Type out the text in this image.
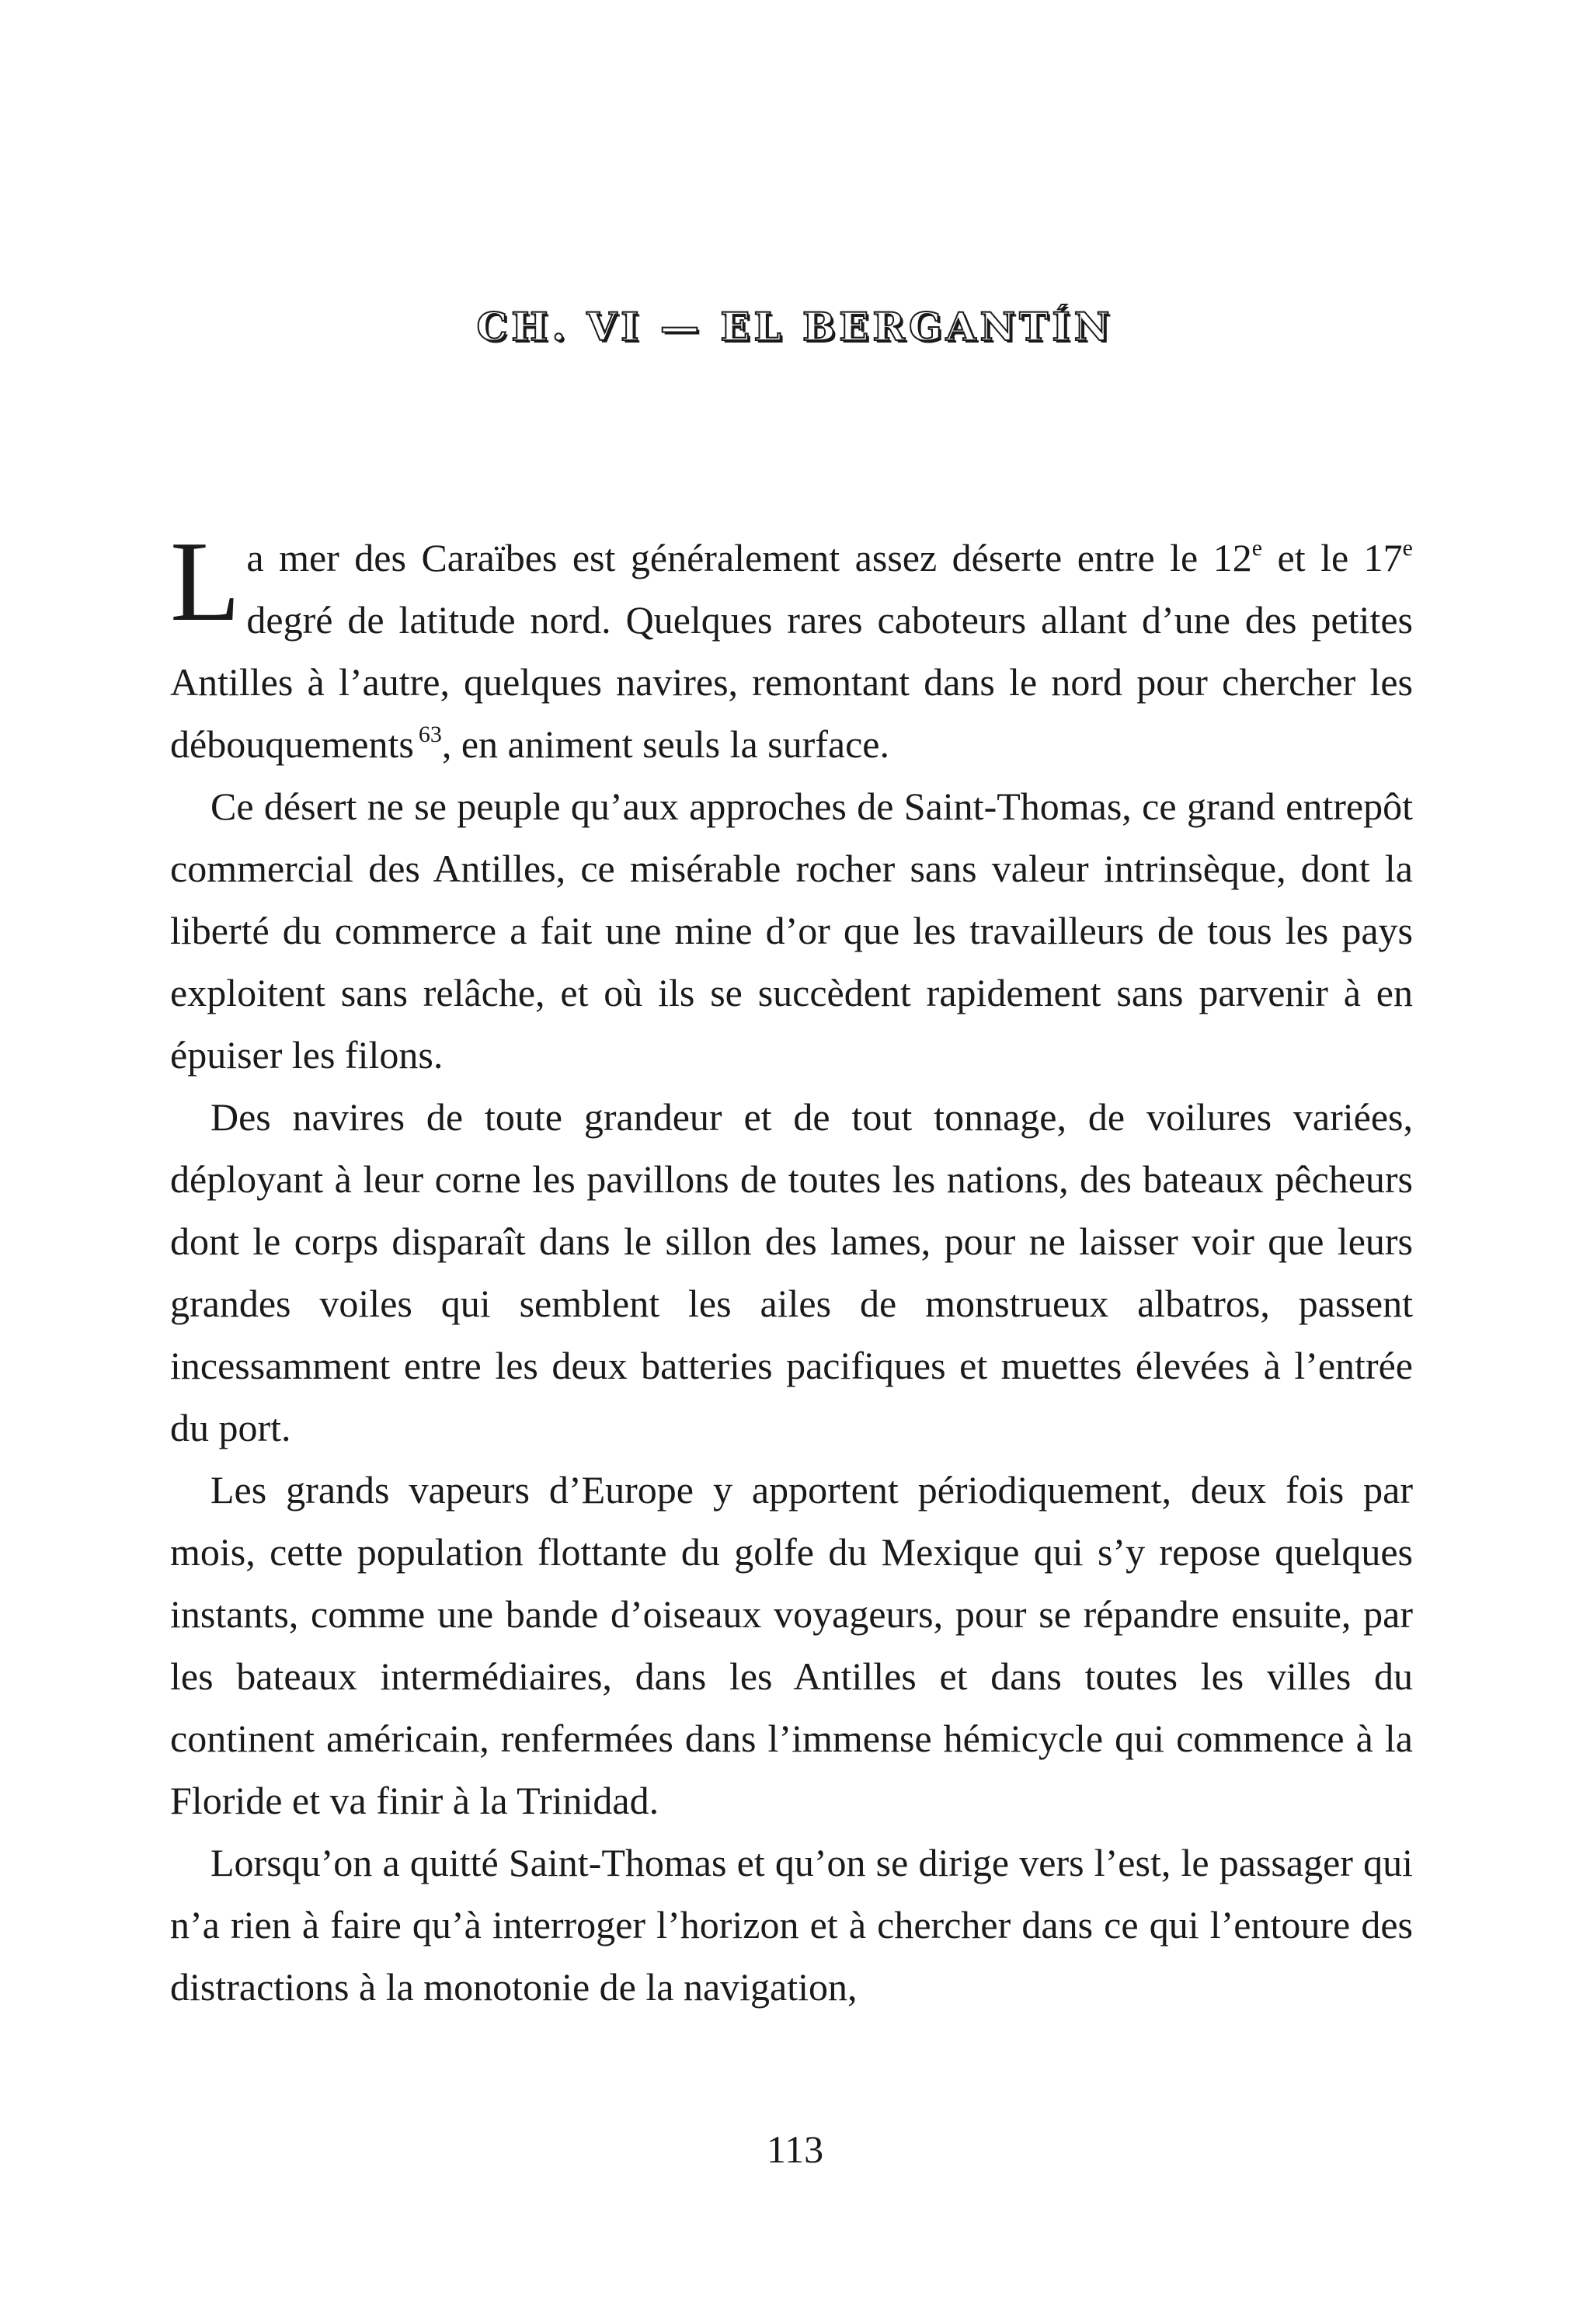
CH. VI — EL BERGANTÍN

La mer des Caraïbes est généralement assez déserte entre le 12e et le 17e degré de latitude nord. Quelques rares caboteurs allant d’une des petites Antilles à l’autre, quelques navires, remontant dans le nord pour chercher les débouquements $^{63}$, en animent seuls la surface.

Ce désert ne se peuple qu’aux approches de Saint-Thomas, ce grand entrepôt commercial des Antilles, ce misérable rocher sans valeur intrinsèque, dont la liberté du commerce a fait une mine d’or que les travailleurs de tous les pays exploitent sans relâche, et où ils se succèdent rapidement sans parvenir à en épuiser les filons.

Des navires de toute grandeur et de tout tonnage, de voilures variées, déployant à leur corne les pavillons de toutes les nations, des bateaux pêcheurs dont le corps disparaît dans le sillon des lames, pour ne laisser voir que leurs grandes voiles qui semblent les ailes de monstrueux albatros, passent incessamment entre les deux batteries pacifiques et muettes élevées à l’entrée du port.

Les grands vapeurs d’Europe y apportent périodiquement, deux fois par mois, cette population flottante du golfe du Mexique qui s’y repose quelques instants, comme une bande d’oiseaux voyageurs, pour se répandre ensuite, par les bateaux intermédiaires, dans les Antilles et dans toutes les villes du continent américain, renfermées dans l’immense hémicycle qui commence à la Floride et va finir à la Trinidad.

Lorsqu’on a quitté Saint-Thomas et qu’on se dirige vers l’est, le passager qui n’a rien à faire qu’à interroger l’horizon et à chercher dans ce qui l’entoure des distractions à la monotonie de la navigation,

113
